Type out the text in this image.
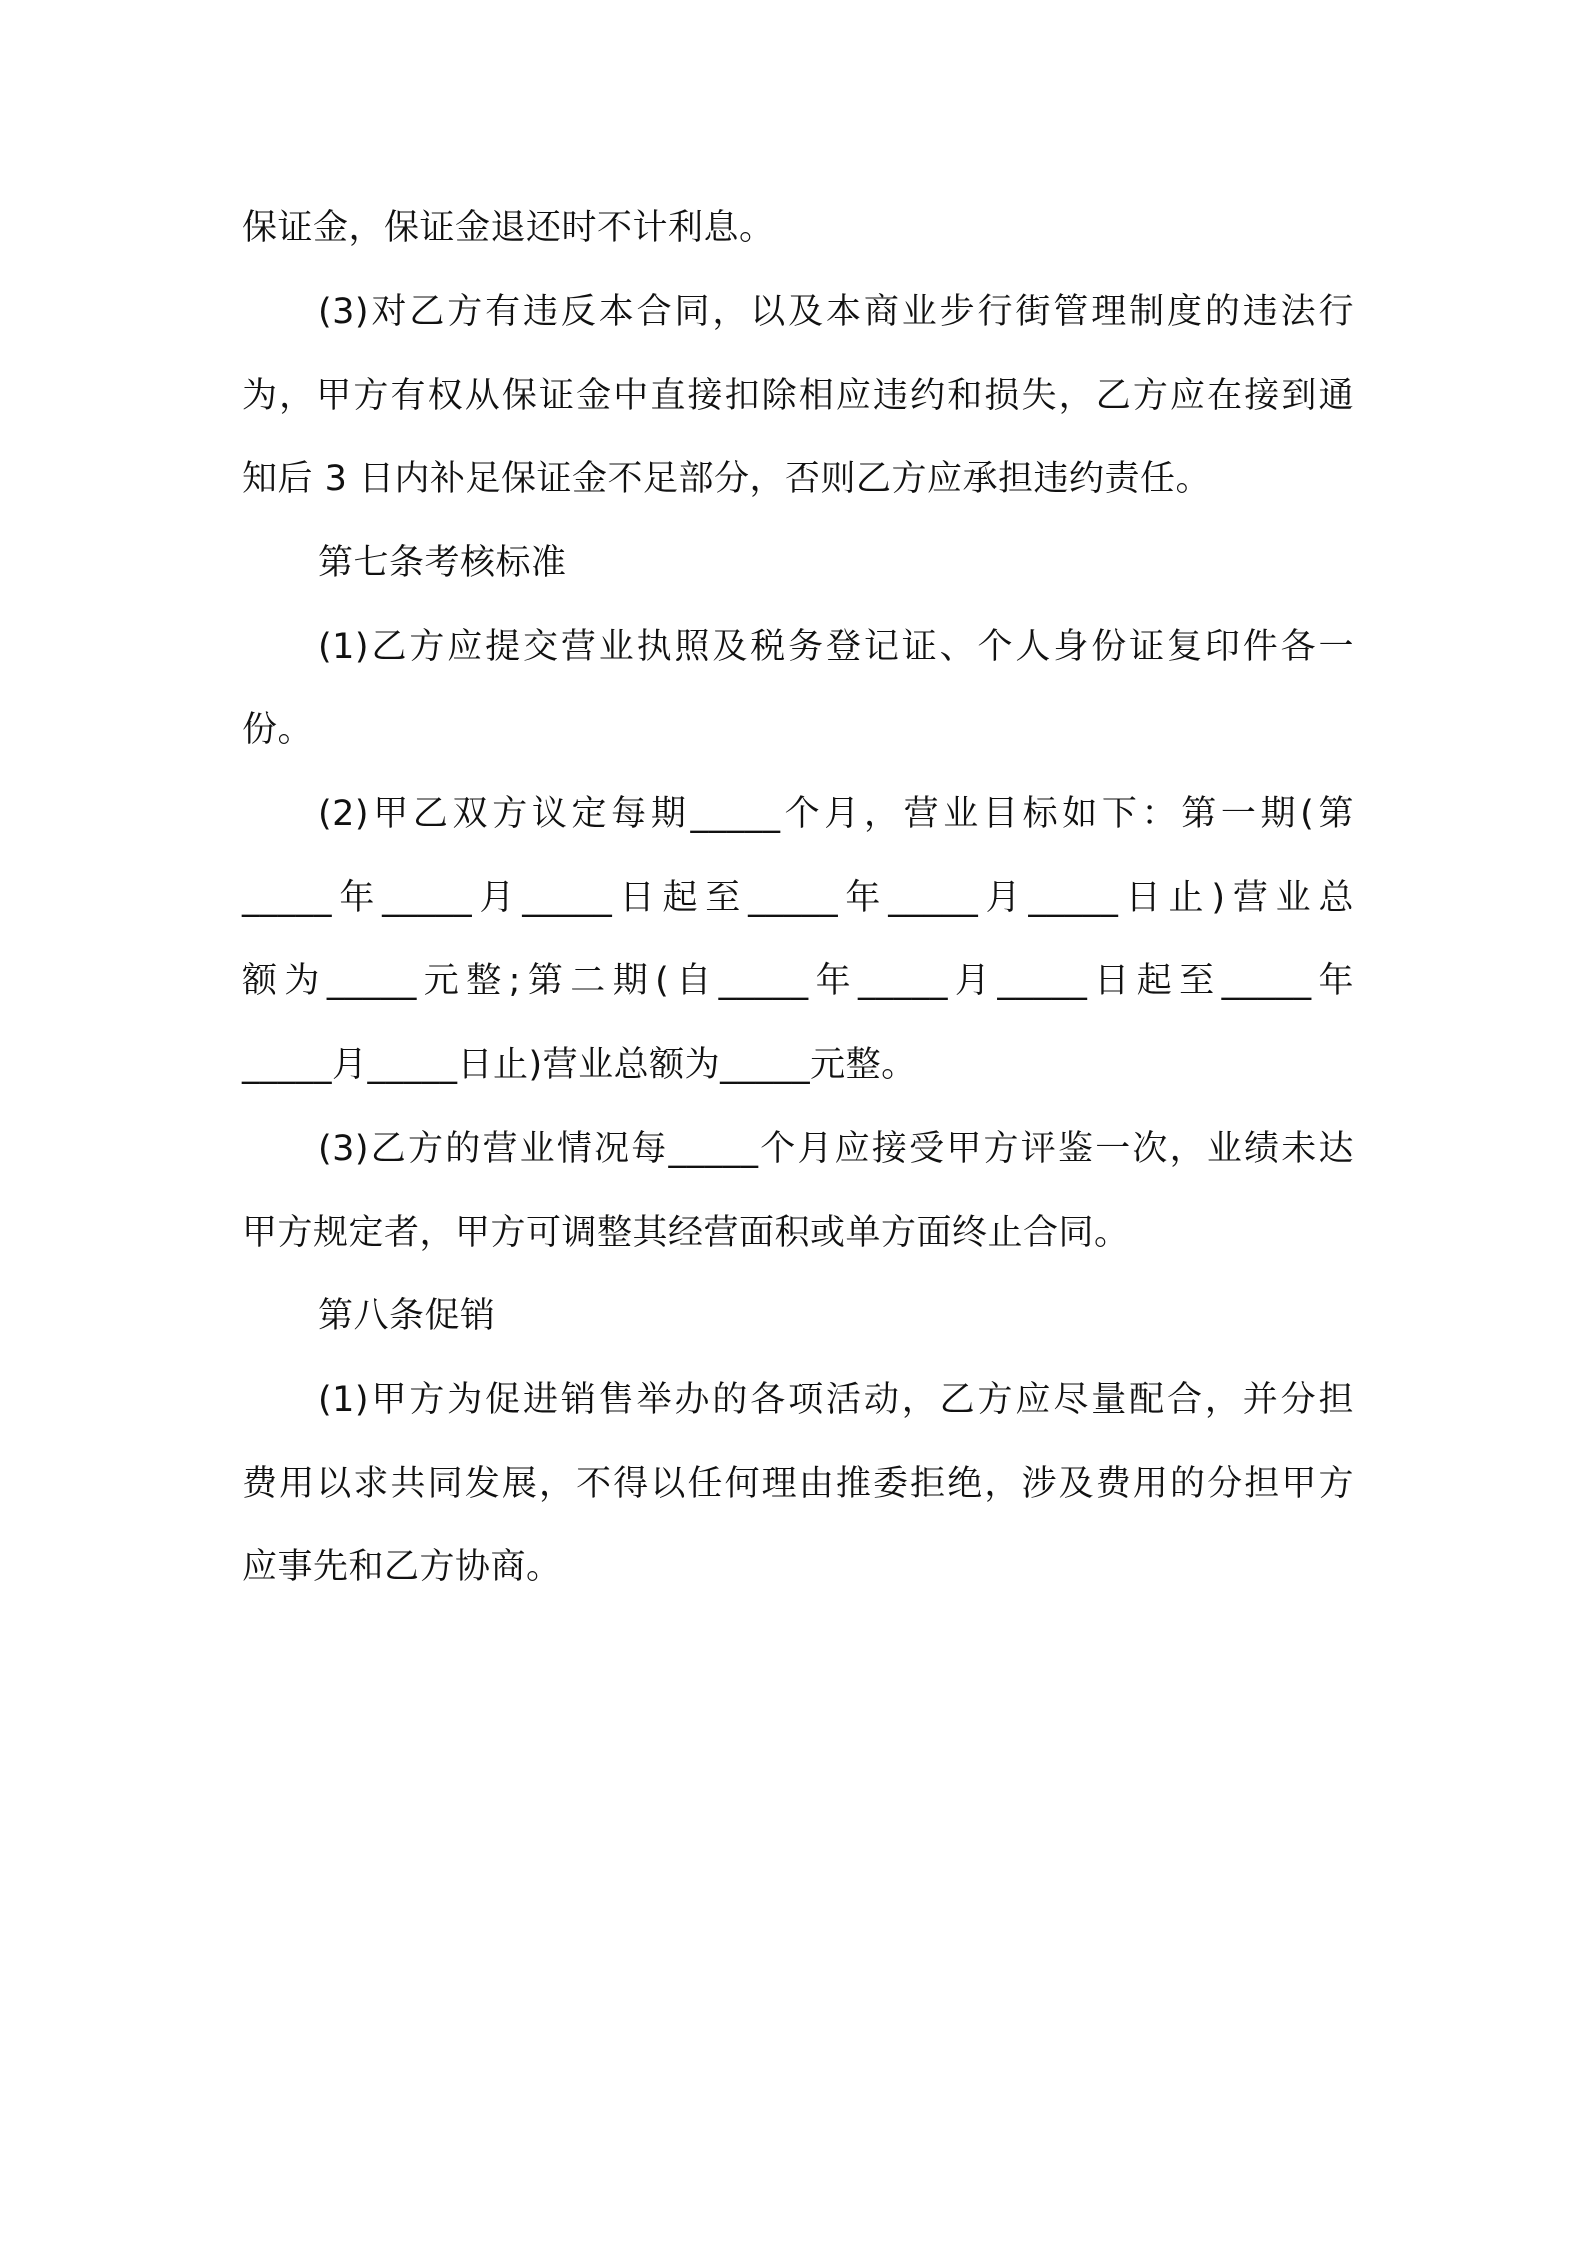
保证金，保证金退还时不计利息。
(3)对乙方有违反本合同，以及本商业步行街管理制度的违法行
为，甲方有权从保证金中直接扣除相应违约和损失，乙方应在接到通
知后 3 日内补足保证金不足部分，否则乙方应承担违约责任。
第七条考核标准
(1)乙方应提交营业执照及税务登记证、个人身份证复印件各一
份。
(2)甲乙双方议定每期_____个月，营业目标如下：第一期(第
_____年_____月_____日起至_____年_____月_____日止)营业总
额为_____元整;第二期(自_____年_____月_____日起至_____年
_____月_____日止)营业总额为_____元整。
(3)乙方的营业情况每_____个月应接受甲方评鉴一次，业绩未达
甲方规定者，甲方可调整其经营面积或单方面终止合同。
第八条促销
(1)甲方为促进销售举办的各项活动，乙方应尽量配合，并分担
费用以求共同发展，不得以任何理由推委拒绝，涉及费用的分担甲方
应事先和乙方协商。
